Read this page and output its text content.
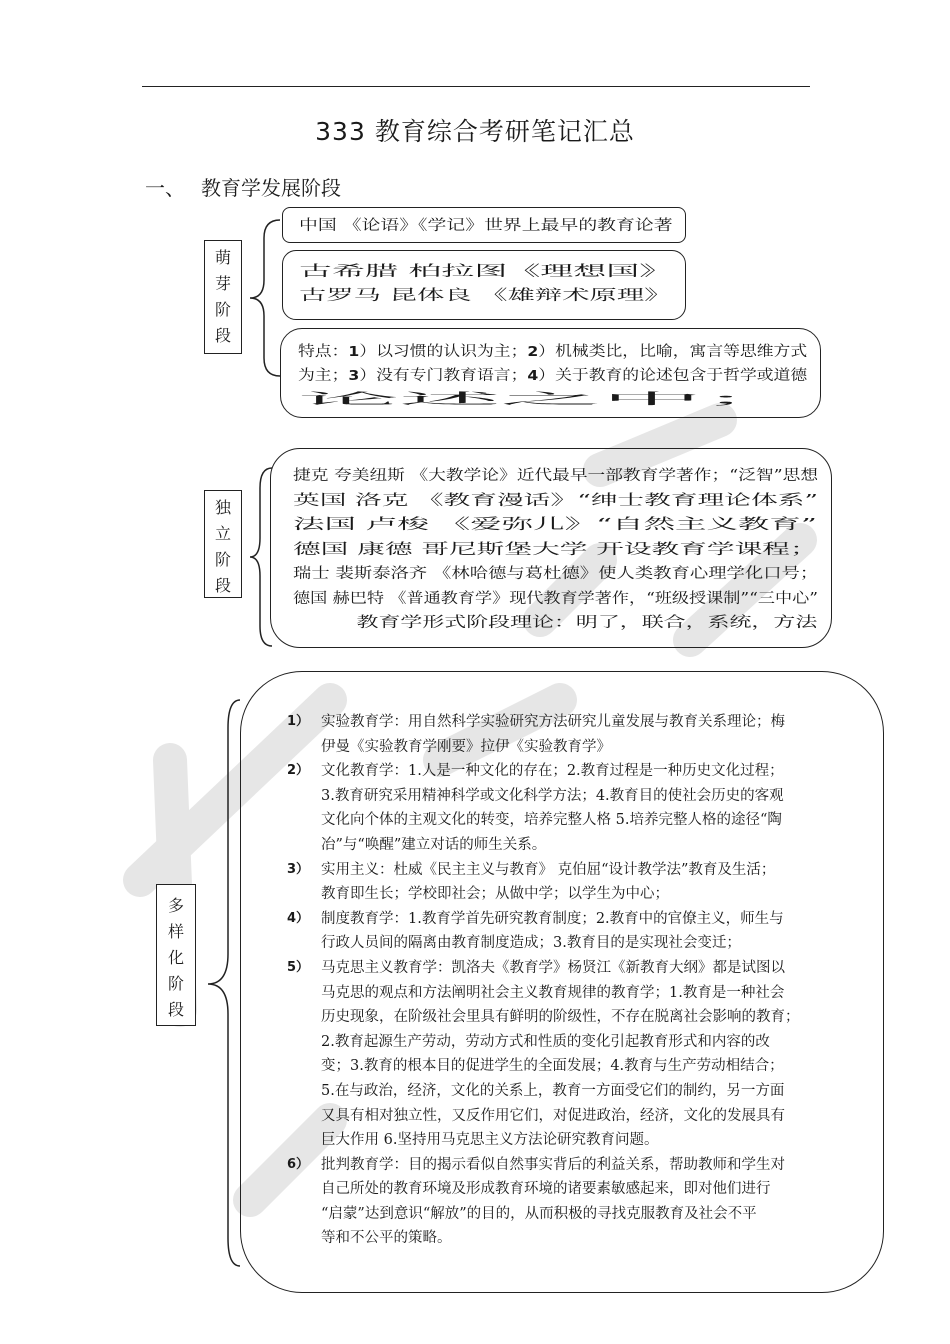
333 教育综合考研笔记汇总
一、 教育学发展阶段
萌
芽
阶
段
中国 《论语》《学记》世界上最早的教育论著
古希腊 柏拉图《理想国》
古罗马 昆体良 《雄辩术原理》
特点：1）以习惯的认识为主；2）机械类比，比喻，寓言等思维方式
为主；3）没有专门教育语言；4）关于教育的论述包含于哲学或道德
论述之中；
独
立
阶
段
捷克 夸美纽斯 《大教学论》近代最早一部教育学著作；“泛智”思想
英国 洛克 《教育漫话》“绅士教育理论体系”
法国 卢梭 《爱弥儿》“自然主义教育”
德国 康德 哥尼斯堡大学 开设教育学课程；
瑞士 裴斯泰洛齐 《林哈德与葛杜德》使人类教育心理学化口号；
德国 赫巴特 《普通教育学》现代教育学著作，“班级授课制”“三中心”
教育学形式阶段理论：明了，联合，系统，方法
多
样
化
阶
段
1） 实验教育学：用自然科学实验研究方法研究儿童发展与教育关系理论；梅
伊曼《实验教育学刚要》拉伊《实验教育学》
2） 文化教育学：1.人是一种文化的存在；2.教育过程是一种历史文化过程；
3.教育研究采用精神科学或文化科学方法；4.教育目的使社会历史的客观
文化向个体的主观文化的转变，培养完整人格 5.培养完整人格的途径“陶
冶”与“唤醒”建立对话的师生关系。
3） 实用主义：杜威《民主主义与教育》 克伯屈“设计教学法”教育及生活；
教育即生长；学校即社会；从做中学；以学生为中心；
4） 制度教育学：1.教育学首先研究教育制度；2.教育中的官僚主义，师生与
行政人员间的隔离由教育制度造成；3.教育目的是实现社会变迁；
5） 马克思主义教育学：凯洛夫《教育学》杨贤江《新教育大纲》都是试图以
马克思的观点和方法阐明社会主义教育规律的教育学；1.教育是一种社会
历史现象，在阶级社会里具有鲜明的阶级性，不存在脱离社会影响的教育；
2.教育起源生产劳动，劳动方式和性质的变化引起教育形式和内容的改
变；3.教育的根本目的促进学生的全面发展；4.教育与生产劳动相结合；
5.在与政治，经济，文化的关系上，教育一方面受它们的制约，另一方面
又具有相对独立性，又反作用它们，对促进政治，经济，文化的发展具有
巨大作用 6.坚持用马克思主义方法论研究教育问题。
6） 批判教育学：目的揭示看似自然事实背后的利益关系，帮助教师和学生对
自己所处的教育环境及形成教育环境的诸要素敏感起来，即对他们进行
“启蒙”达到意识“解放”的目的，从而积极的寻找克服教育及社会不平
等和不公平的策略。
